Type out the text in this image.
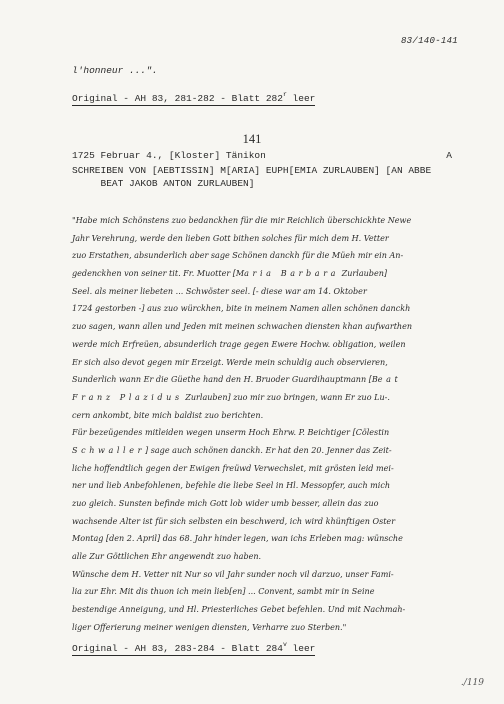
83/140-141
l'honneur ...".
Original - AH 83, 281-282 - Blatt 282$^r$ leer
141
1725 Februar 4., [Kloster] Tänikon	A
SCHREIBEN VON [AEBTISSIN] M[ARIA] EUPH[EMIA ZURLAUBEN] [AN ABBE
BEAT JAKOB ANTON ZURLAUBEN]
"Habe mich Schönstens zuo bedanckhen für die mir Reichlich überschickhte Newe
Jahr Verehrung, werde den lieben Gott bithen solches für mich dem H. Vetter
zuo Erstathen, absunderlich aber sage Schönen danckh für die Müeh mir ein An-
gedenckhen von seiner tit. Fr. Muotter [Maria Barbara Zurlauben]
Seel. als meiner liebeten ... Schwöster seel. [- diese war am 14. Oktober
1724 gestorben -] aus zuo würckhen, bite in meinem Namen allen schönen danckh
zuo sagen, wann allen und Jeden mit meinen schwachen diensten khan aufwarthen
werde mich Erfreüen, absunderlich trage gegen Ewere Hochw. obligation, weilen
Er sich also devot gegen mir Erzeigt. Werde mein schuldig auch observieren,
Sunderlich wann Er die Güethe hand den H. Bruoder Guardihauptmann [Beat
Franz Plazidus Zurlauben] zuo mir zuo bringen, wann Er zuo Lu-.
cern ankombt, bite mich baldist zuo berichten.
Für bezeügendes mitleiden wegen unserm Hoch Ehrw. P. Beichtiger [Cölestin
Schwaller] sage auch schönen danckh. Er hat den 20. Jenner das Zeit-
liche hoffendtlich gegen der Ewigen freüwd Verwechslet, mit grösten leid mei-
ner und lieb Anbefohlenen, befehle die liebe Seel in Hl. Messopfer, auch mich
zuo gleich. Sunsten befinde mich Gott lob wider umb besser, allein das zuo
wachsende Alter ist für sich selbsten ein beschwerd, ich wird khünftigen Oster
Montag [den 2. April] das 68. Jahr hinder legen, wan ichs Erleben mag: wünsche
alle Zur Göttlichen Ehr angewendt zuo haben.
Wünsche dem H. Vetter nit Nur so vil Jahr sunder noch vil darzuo, unser Fami-
lia zur Ehr. Mit dis thuon ich mein lieb[en] ... Convent, sambt mir in Seine
bestendige Anneigung, und Hl. Priesterliches Gebet befehlen. Und mit Nachmah-
liger Offerierung meiner wenigen diensten, Verharre zuo Sterben."
Original - AH 83, 283-284 - Blatt 284$^v$ leer
./119
